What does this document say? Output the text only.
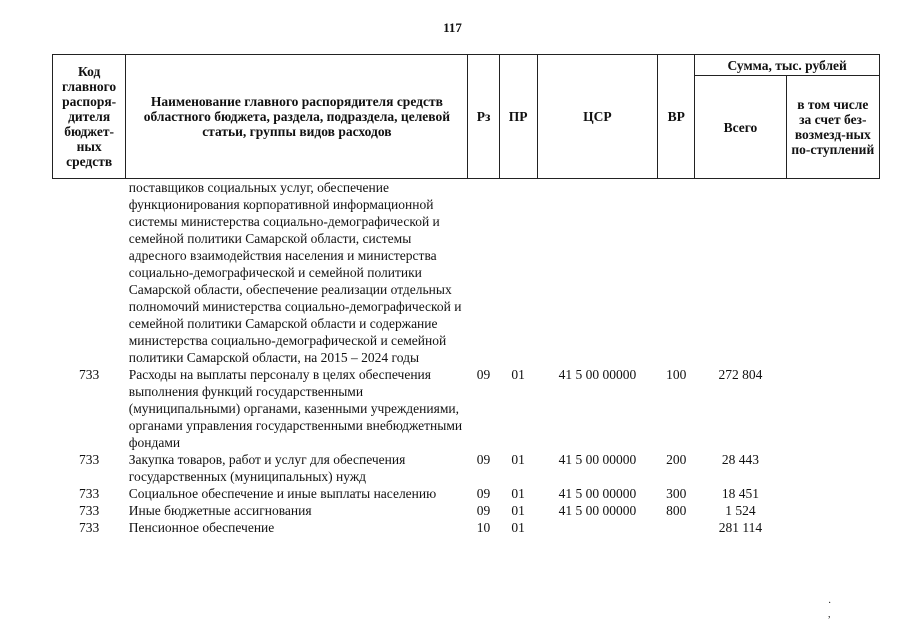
117
Код главного распоря-дителя бюджет-ных средств	Наименование главного распорядителя средств областного бюджета, раздела, подраздела, целевой статьи, группы видов расходов	Рз	ПР	ЦСР	ВР	Сумма, тыс. рублей	
						Всего	в том числе за счет без-возмезд-ных по-ступлений
	поставщиков социальных услуг, обеспечение функционирования корпоративной информационной системы министерства социально-демографической и семейной политики Самарской области, системы адресного взаимодействия населения и министерства социально-демографической и семейной политики Самарской области, обеспечение реализации отдельных полномочий министерства социально-демографической и семейной политики Самарской области и содержание министерства социально-демографической и семейной политики Самарской области, на 2015 – 2024 годы						
733	Расходы на выплаты персоналу в целях обеспечения выполнения функций государственными (муниципальными) органами, казенными учреждениями, органами управления государственными внебюджетными фондами	09	01	41 5 00 00000	100	272 804	
733	Закупка товаров, работ и услуг для обеспечения государственных (муниципальных) нужд	09	01	41 5 00 00000	200	28 443	
733	Социальное обеспечение и иные выплаты населению	09	01	41 5 00 00000	300	18 451	
733	Иные бюджетные ассигнования	09	01	41 5 00 00000	800	1 524	
733	Пенсионное обеспечение	10	01			281 114	
· ,
